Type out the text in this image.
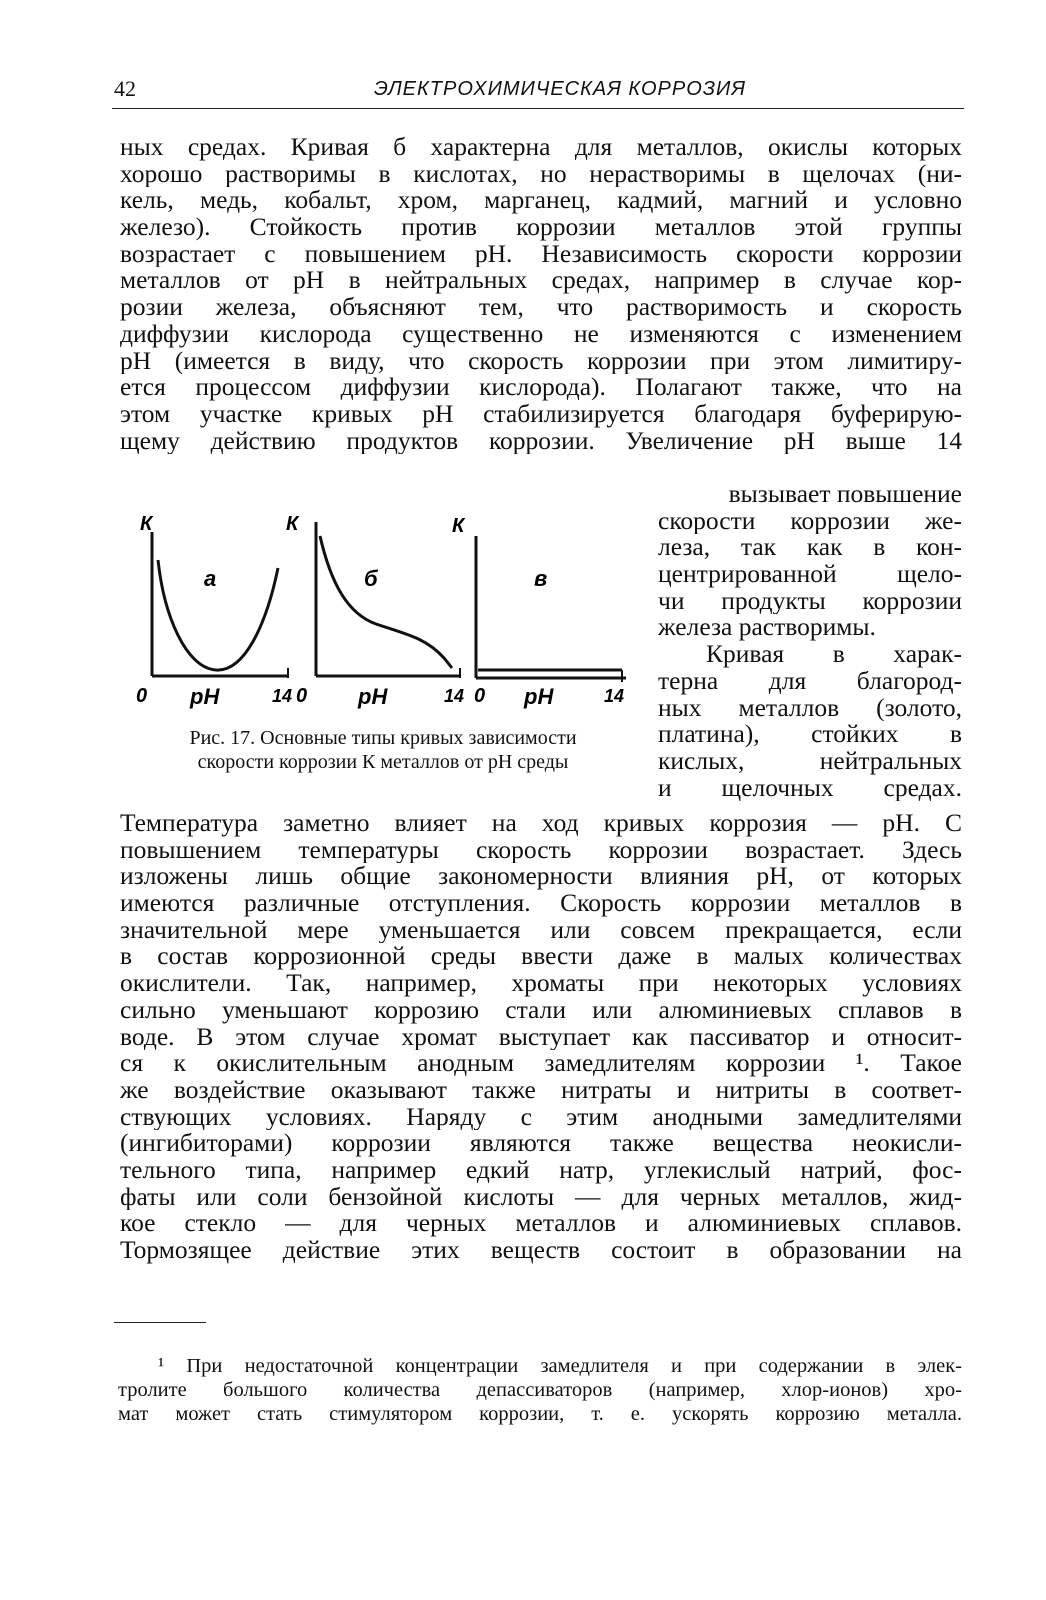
42	ЭЛЕКТРОХИМИЧЕСКАЯ КОРРОЗИЯ
ных средах. Кривая б характерна для металлов, окислы которых
хорошо растворимы в кислотах, но нерастворимы в щелочах (ни-
кель, медь, кобальт, хром, марганец, кадмий, магний и условно
железо). Стойкость против коррозии металлов этой группы
возрастает с повышением pH. Независимость скорости коррозии
металлов от pH в нейтральных средах, например в случае кор-
розии железа, объясняют тем, что растворимость и скорость
диффузии кислорода существенно не изменяются с изменением
pH (имеется в виду, что скорость коррозии при этом лимитиру-
ется процессом диффузии кислорода). Полагают также, что на
этом участке кривых pH стабилизируется благодаря буферирую-
щему действию продуктов коррозии. Увеличение pH выше 14
К
а
0 pH	14
К
б
0 pH	14
К
в
0 pH	14
Рис. 17. Основные типы кривых зависимости
скорости коррозии К металлов от pH среды
вызывает повышение
скорости коррозии же-
леза, так как в кон-
центрированной щело-
чи продукты коррозии
железа растворимы.
Кривая в харак-
терна для благород-
ных металлов (золото,
платина), стойких в
кислых, нейтральных
и щелочных средах.
Температура заметно влияет на ход кривых коррозия — pH. С
повышением температуры скорость коррозии возрастает. Здесь
изложены лишь общие закономерности влияния pH, от которых
имеются различные отступления. Скорость коррозии металлов в
значительной мере уменьшается или совсем прекращается, если
в состав коррозионной среды ввести даже в малых количествах
окислители. Так, например, хроматы при некоторых условиях
сильно уменьшают коррозию стали или алюминиевых сплавов в
воде. В этом случае хромат выступает как пассиватор и относит-
ся к окислительным анодным замедлителям коррозии ¹. Такое
же воздействие оказывают также нитраты и нитриты в соответ-
ствующих условиях. Наряду с этим анодными замедлителями
(ингибиторами) коррозии являются также вещества неокисли-
тельного типа, например едкий натр, углекислый натрий, фос-
фаты или соли бензойной кислоты — для черных металлов, жид-
кое стекло — для черных металлов и алюминиевых сплавов.
Тормозящее действие этих веществ состоит в образовании на
¹ При недостаточной концентрации замедлителя и при содержании в элек-
тролите большого количества депассиваторов (например, хлор-ионов) хро-
мат может стать стимулятором коррозии, т. е. ускорять коррозию металла.
